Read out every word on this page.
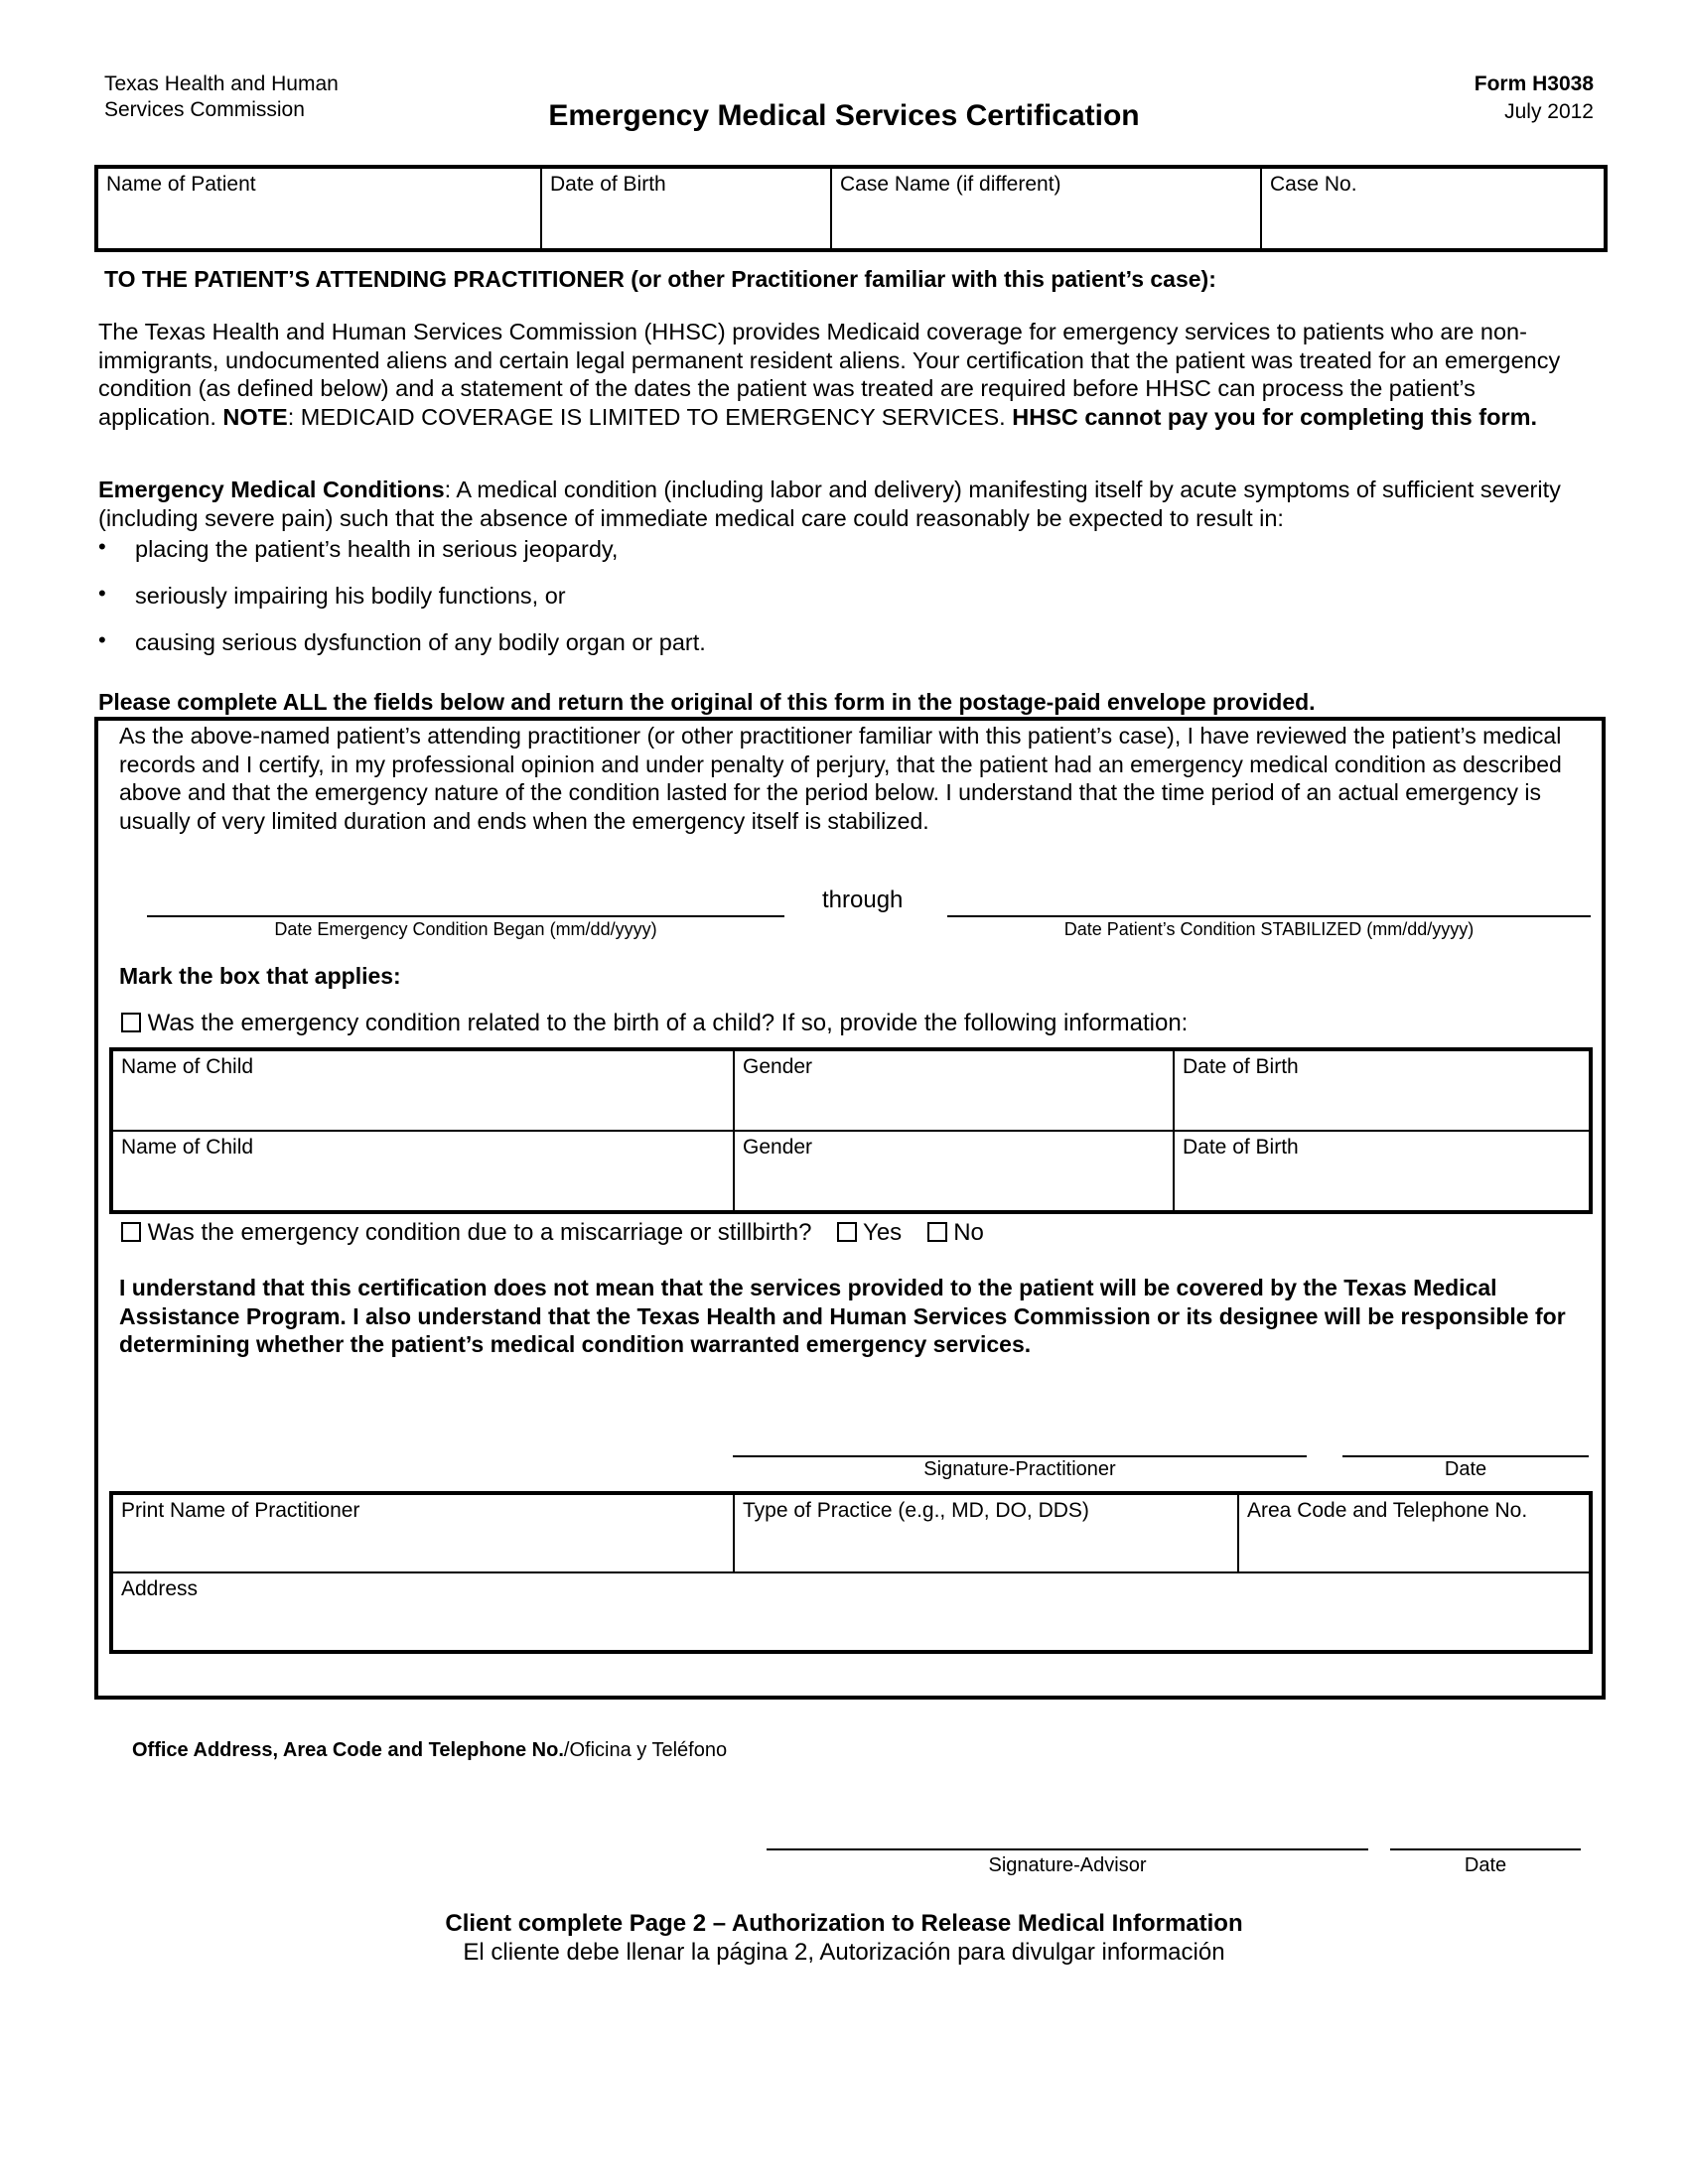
Texas Health and Human
Services Commission	Emergency Medical Services Certification
Form H3038
July 2012
Name of Patient	Date of Birth	Case Name (if different)	Case No.
TO THE PATIENT’S ATTENDING PRACTITIONER (or other Practitioner familiar with this patient’s case):
The Texas Health and Human Services Commission (HHSC) provides Medicaid coverage for emergency services to patients who are non-immigrants, undocumented aliens and certain legal permanent resident aliens. Your certification that the patient was treated for an emergency condition (as defined below) and a statement of the dates the patient was treated are required before HHSC can process the patient’s application. NOTE: MEDICAID COVERAGE IS LIMITED TO EMERGENCY SERVICES. HHSC cannot pay you for completing this form.
Emergency Medical Conditions: A medical condition (including labor and delivery) manifesting itself by acute symptoms of sufficient severity (including severe pain) such that the absence of immediate medical care could reasonably be expected to result in:
• placing the patient’s health in serious jeopardy,
• seriously impairing his bodily functions, or
• causing serious dysfunction of any bodily organ or part.
Please complete ALL the fields below and return the original of this form in the postage-paid envelope provided.
As the above-named patient’s attending practitioner (or other practitioner familiar with this patient’s case), I have reviewed the patient’s medical records and I certify, in my professional opinion and under penalty of perjury, that the patient had an emergency medical condition as described above and that the emergency nature of the condition lasted for the period below. I understand that the time period of an actual emergency is usually of very limited duration and ends when the emergency itself is stabilized.
Date Emergency Condition Began (mm/dd/yyyy)
through
Date Patient’s Condition STABILIZED (mm/dd/yyyy)
Mark the box that applies:
Was the emergency condition related to the birth of a child? If so, provide the following information:
Name of Child	Gender	Date of Birth
Name of Child	Gender	Date of Birth
Was the emergency condition due to a miscarriage or stillbirth? Yes No
I understand that this certification does not mean that the services provided to the patient will be covered by the Texas Medical Assistance Program. I also understand that the Texas Health and Human Services Commission or its designee will be responsible for determining whether the patient’s medical condition warranted emergency services.
Signature-Practitioner	Date
Print Name of Practitioner	Type of Practice (e.g., MD, DO, DDS)	Area Code and Telephone No.
Address
Office Address, Area Code and Telephone No./Oficina y Teléfono
Signature-Advisor	Date
Client complete Page 2 – Authorization to Release Medical Information
El cliente debe llenar la página 2, Autorización para divulgar información
